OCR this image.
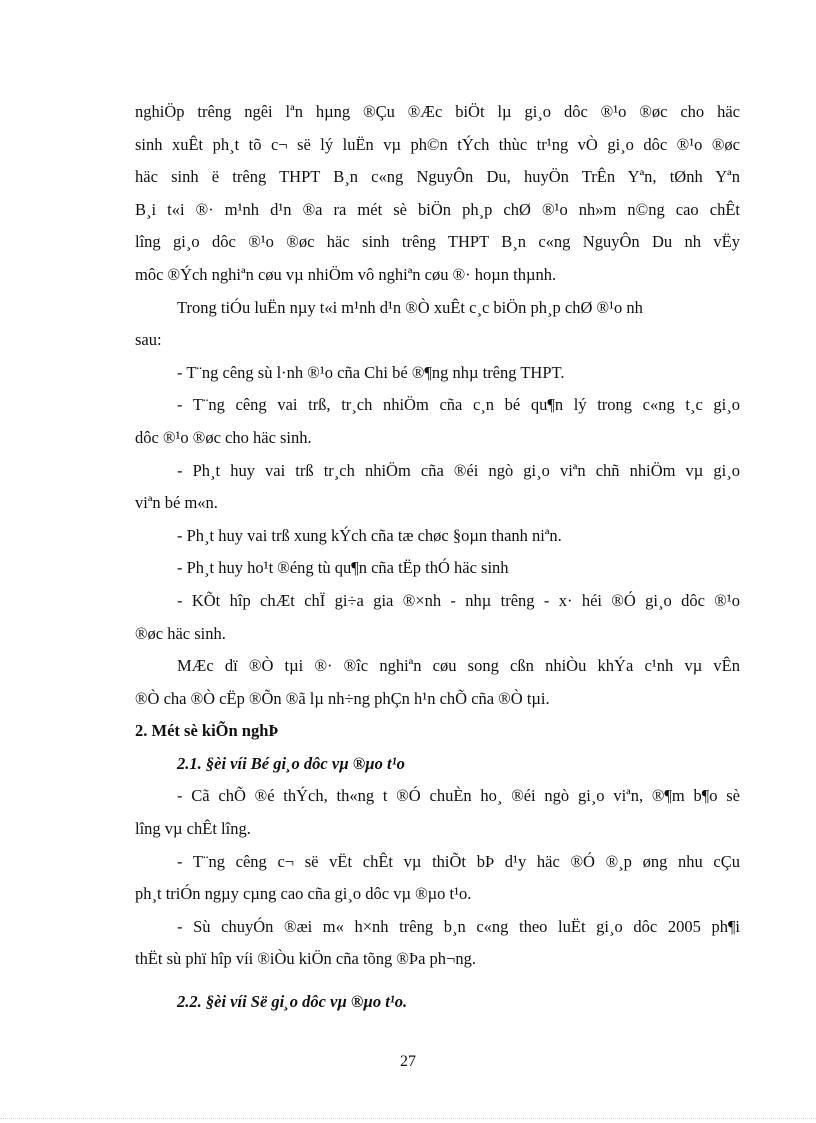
nghiÖp trêng ngêi lªn hµng ®Çu ®Æc biÖt lµ gi¸o dôc ®¹o ®øc cho häc

sinh xuÊt ph¸t tõ c¬ së lý luËn vµ ph©n tÝch thùc tr¹ng vÒ gi¸o dôc ®¹o ®øc

häc sinh ë trêng THPT B¸n c«ng NguyÔn Du, huyÖn TrÊn Yªn, tØnh Yªn

B¸i t«i ®· m¹nh d¹n ®a ra mét sè biÖn ph¸p chØ ®¹o nh»m n©ng cao chÊt

lîng gi¸o dôc ®¹o ®øc häc sinh trêng THPT B¸n c«ng NguyÔn Du nh vËy

môc ®Ých nghiªn cøu vµ nhiÖm vô nghiªn cøu ®· hoµn thµnh.

Trong tiÓu luËn nµy t«i m¹nh d¹n ®Ò xuÊt c¸c biÖn ph¸p chØ ®¹o nh

sau:

- T¨ng cêng sù l·nh ®¹o cña Chi bé ®¶ng nhµ trêng THPT.

- T¨ng cêng vai trß, tr¸ch nhiÖm cña c¸n bé qu¶n lý trong c«ng t¸c gi¸o

dôc ®¹o ®øc cho häc sinh.

- Ph¸t huy vai trß tr¸ch nhiÖm cña ®éi ngò gi¸o viªn chñ nhiÖm vµ gi¸o

viªn bé m«n.

- Ph¸t huy vai trß xung kÝch cña tæ chøc §oµn thanh niªn.

- Ph¸t huy ho¹t ®éng tù qu¶n cña tËp thÓ häc sinh

- KÕt hîp chÆt chÏ gi÷a gia ®×nh - nhµ trêng - x· héi ®Ó gi¸o dôc ®¹o

®øc häc sinh.

MÆc dï ®Ò tµi ®· ®îc nghiªn cøu song cßn nhiÒu khÝa c¹nh vµ vÊn

®Ò cha ®Ò cËp ®Õn ®ã lµ nh÷ng phÇn h¹n chÕ cña ®Ò tµi.

2. Mét sè kiÕn nghÞ

2.1. §èi víi Bé gi¸o dôc vµ ®µo t¹o

- Cã chÕ ®é thÝch, th«ng t ®Ó chuÈn ho¸ ®éi ngò gi¸o viªn, ®¶m b¶o sè

lîng vµ chÊt lîng.

- T¨ng cêng c¬ së vËt chÊt vµ thiÕt bÞ d¹y häc ®Ó ®¸p øng nhu cÇu

ph¸t triÓn ngµy cµng cao cña gi¸o dôc vµ ®µo t¹o.

- Sù chuyÓn ®æi m« h×nh trêng b¸n c«ng theo luËt gi¸o dôc 2005 ph¶i

thËt sù phï hîp víi ®iÒu kiÖn cña tõng ®Þa ph¬ng.

2.2. §èi víi Së gi¸o dôc vµ ®µo t¹o.

27
